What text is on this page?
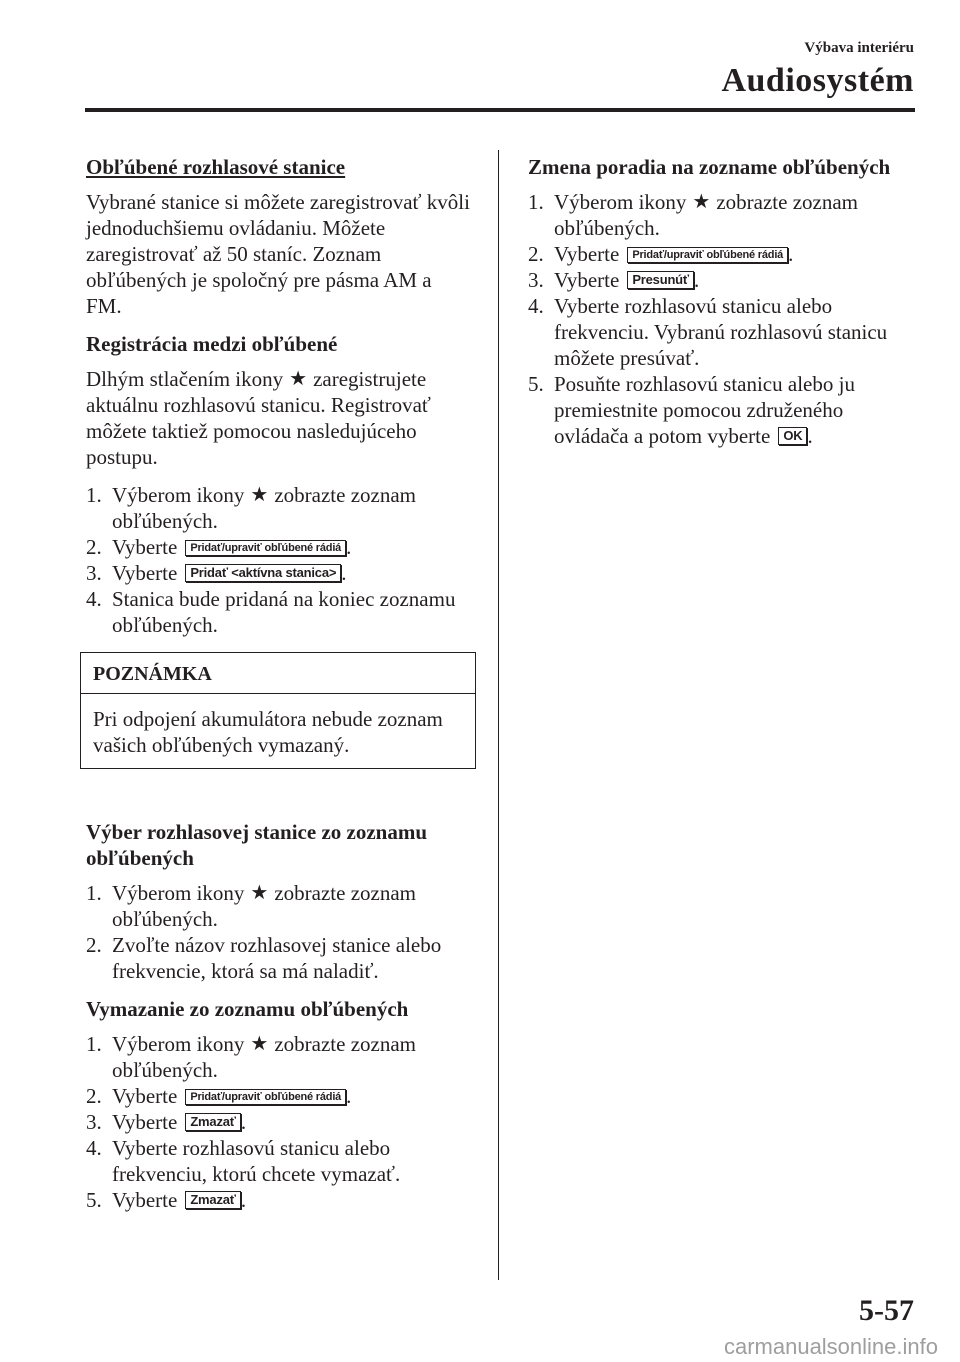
Výbava interiéru
Audiosystém
Obľúbené rozhlasové stanice
Vybrané stanice si môžete zaregistrovať kvôli jednoduchšiemu ovládaniu. Môžete zaregistrovať až 50 staníc. Zoznam obľúbených je spoločný pre pásma AM a FM.
Registrácia medzi obľúbené
Dlhým stlačením ikony ★ zaregistrujete aktuálnu rozhlasovú stanicu. Registrovať môžete taktiež pomocou nasledujúceho postupu.
1. Výberom ikony ★ zobrazte zoznam obľúbených.
2. Vyberte Pridať/upraviť obľúbené rádiá .
3. Vyberte Pridať <aktívna stanica> .
4. Stanica bude pridaná na koniec zoznamu obľúbených.
POZNÁMKA
Pri odpojení akumulátora nebude zoznam vašich obľúbených vymazaný.
Výber rozhlasovej stanice zo zoznamu obľúbených
1. Výberom ikony ★ zobrazte zoznam obľúbených.
2. Zvoľte názov rozhlasovej stanice alebo frekvencie, ktorá sa má naladiť.
Vymazanie zo zoznamu obľúbených
1. Výberom ikony ★ zobrazte zoznam obľúbených.
2. Vyberte Pridať/upraviť obľúbené rádiá .
3. Vyberte Zmazať .
4. Vyberte rozhlasovú stanicu alebo frekvenciu, ktorú chcete vymazať.
5. Vyberte Zmazať .
Zmena poradia na zozname obľúbených
1. Výberom ikony ★ zobrazte zoznam obľúbených.
2. Vyberte Pridať/upraviť obľúbené rádiá .
3. Vyberte Presunúť .
4. Vyberte rozhlasovú stanicu alebo frekvenciu. Vybranú rozhlasovú stanicu môžete presúvať.
5. Posuňte rozhlasovú stanicu alebo ju premiestnite pomocou združeného ovládača a potom vyberte OK .
5-57
carmanualsonline.info
